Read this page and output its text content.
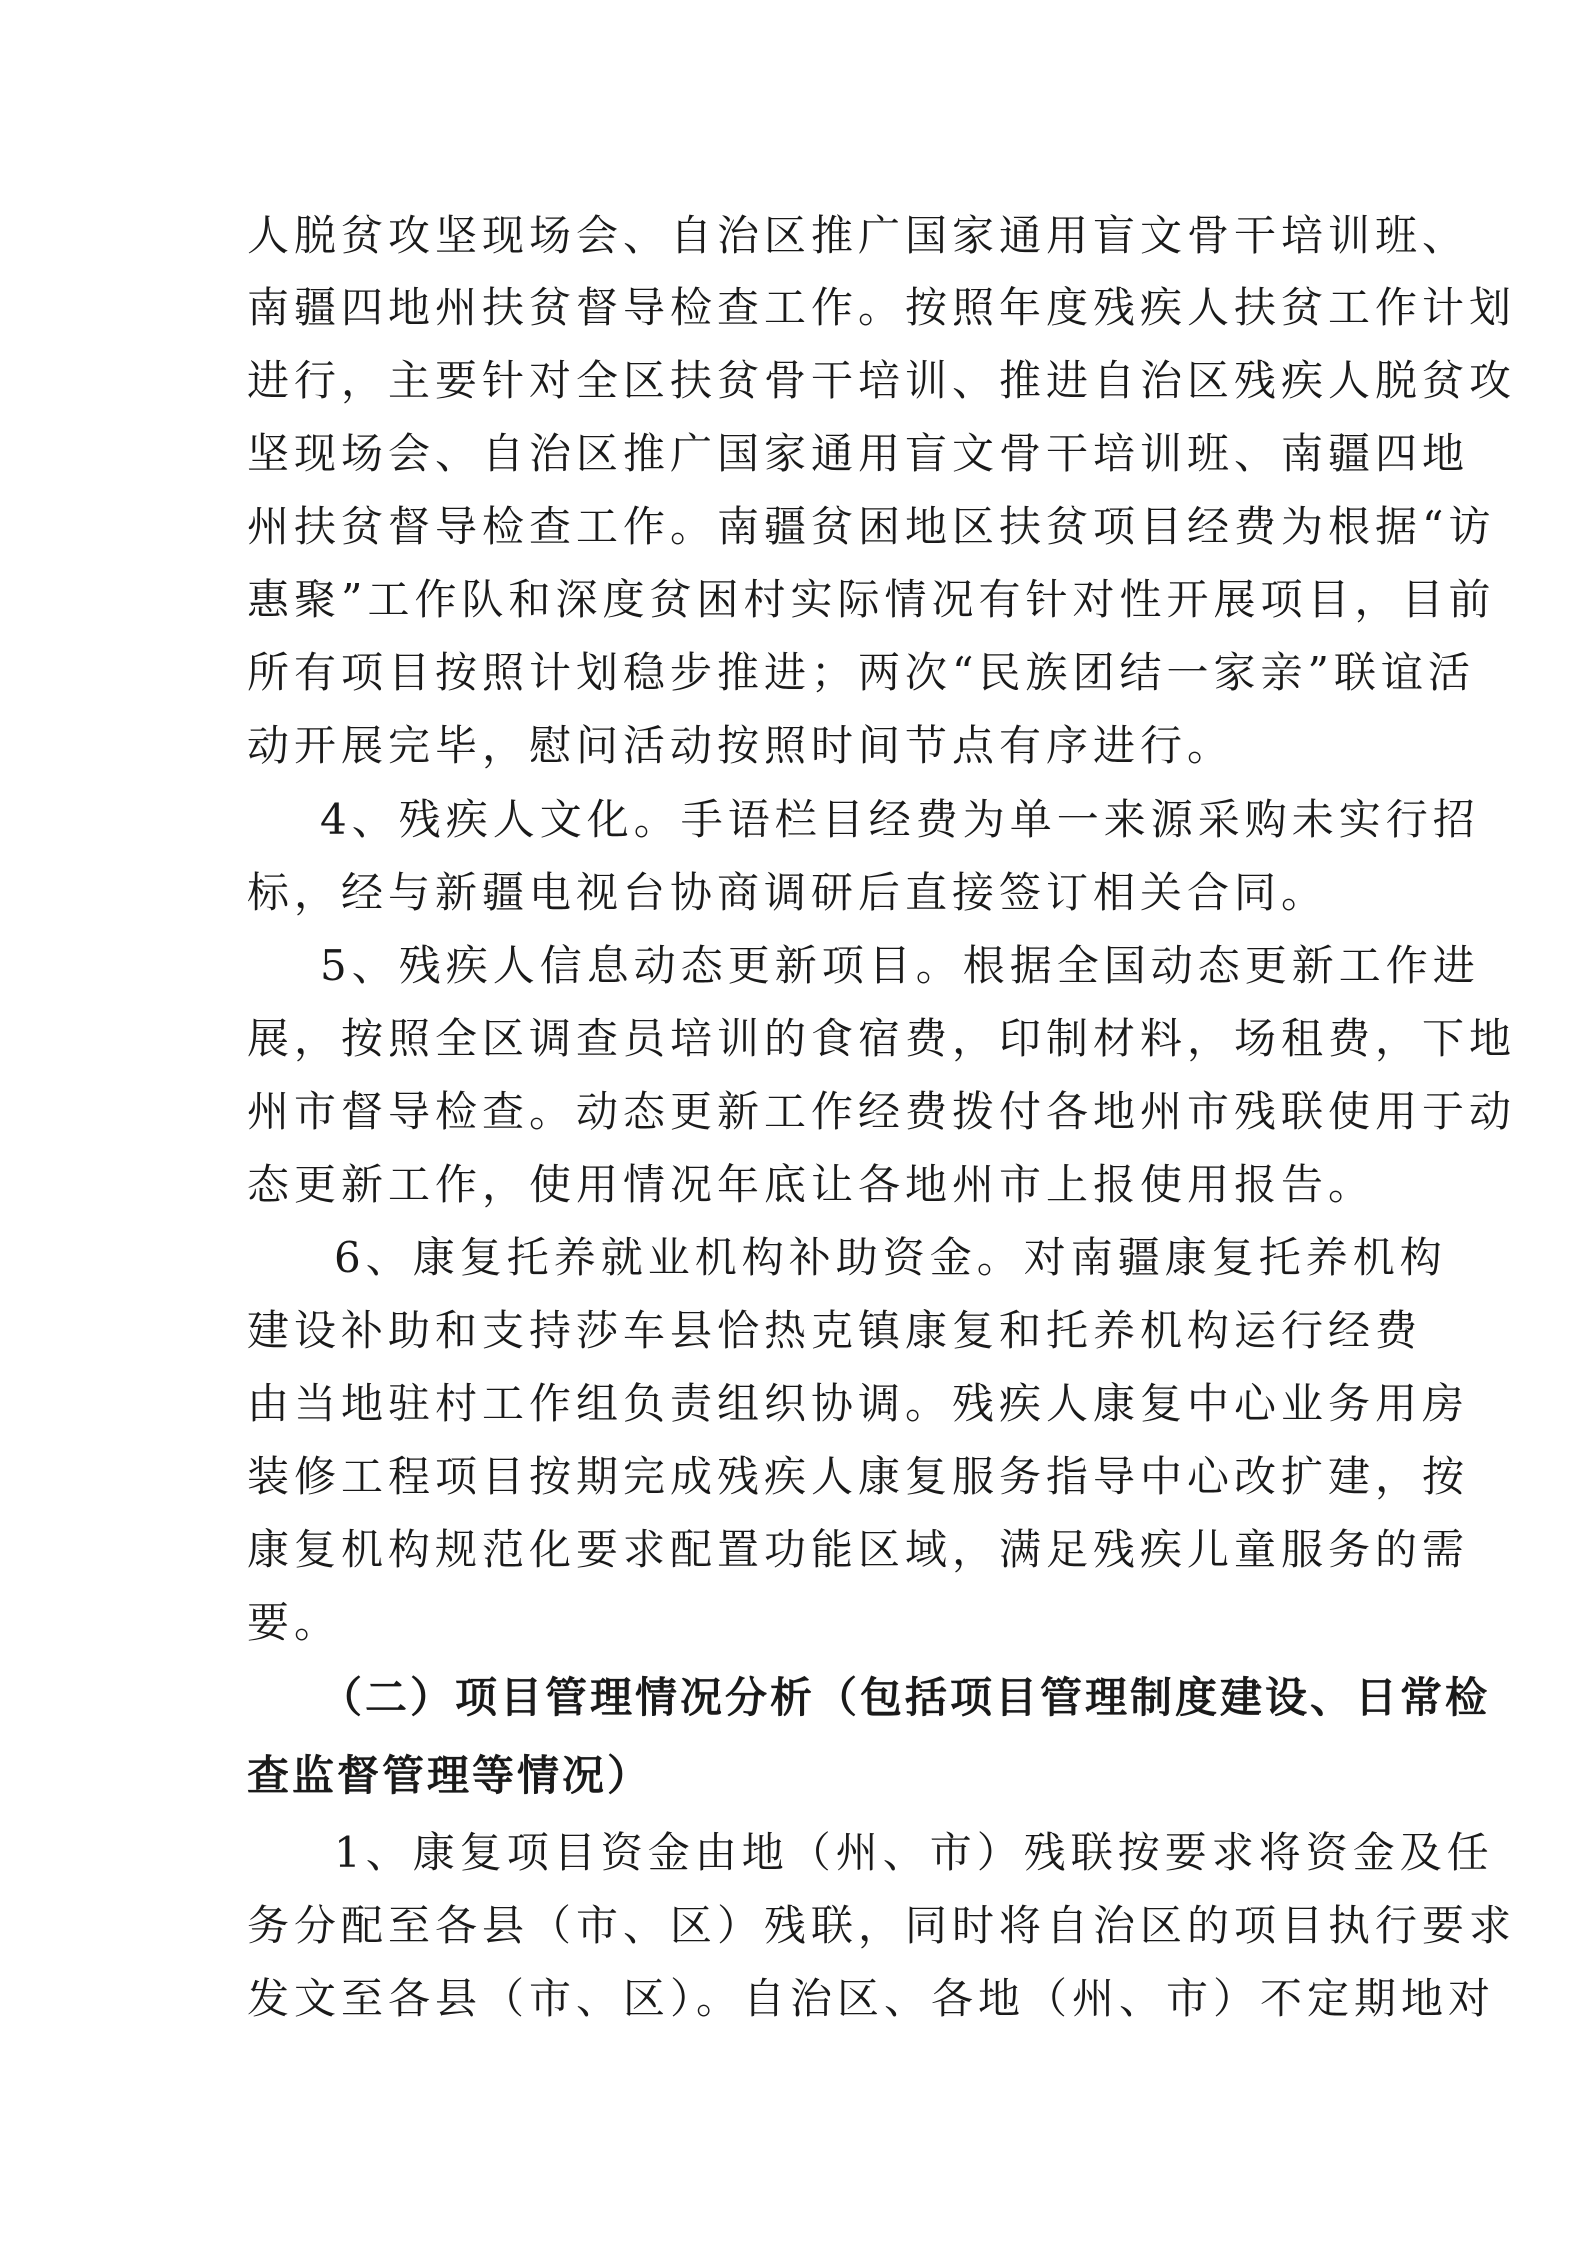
人脱贫攻坚现场会、自治区推广国家通用盲文骨干培训班、
南疆四地州扶贫督导检查工作。按照年度残疾人扶贫工作计划
进行，主要针对全区扶贫骨干培训、推进自治区残疾人脱贫攻
坚现场会、自治区推广国家通用盲文骨干培训班、南疆四地
州扶贫督导检查工作。南疆贫困地区扶贫项目经费为根据“访
惠聚”工作队和深度贫困村实际情况有针对性开展项目，目前
所有项目按照计划稳步推进；两次“民族团结一家亲”联谊活
动开展完毕，慰问活动按照时间节点有序进行。
4、残疾人文化。手语栏目经费为单一来源采购未实行招
标，经与新疆电视台协商调研后直接签订相关合同。
5、残疾人信息动态更新项目。根据全国动态更新工作进
展，按照全区调查员培训的食宿费，印制材料，场租费，下地
州市督导检查。动态更新工作经费拨付各地州市残联使用于动
态更新工作，使用情况年底让各地州市上报使用报告。
6、康复托养就业机构补助资金。对南疆康复托养机构
建设补助和支持莎车县恰热克镇康复和托养机构运行经费
由当地驻村工作组负责组织协调。残疾人康复中心业务用房
装修工程项目按期完成残疾人康复服务指导中心改扩建，按
康复机构规范化要求配置功能区域，满足残疾儿童服务的需
要。
（二）项目管理情况分析（包括项目管理制度建设、日常检
查监督管理等情况）
1、康复项目资金由地（州、市）残联按要求将资金及任
务分配至各县（市、区）残联，同时将自治区的项目执行要求
发文至各县（市、区）。自治区、各地（州、市）不定期地对
